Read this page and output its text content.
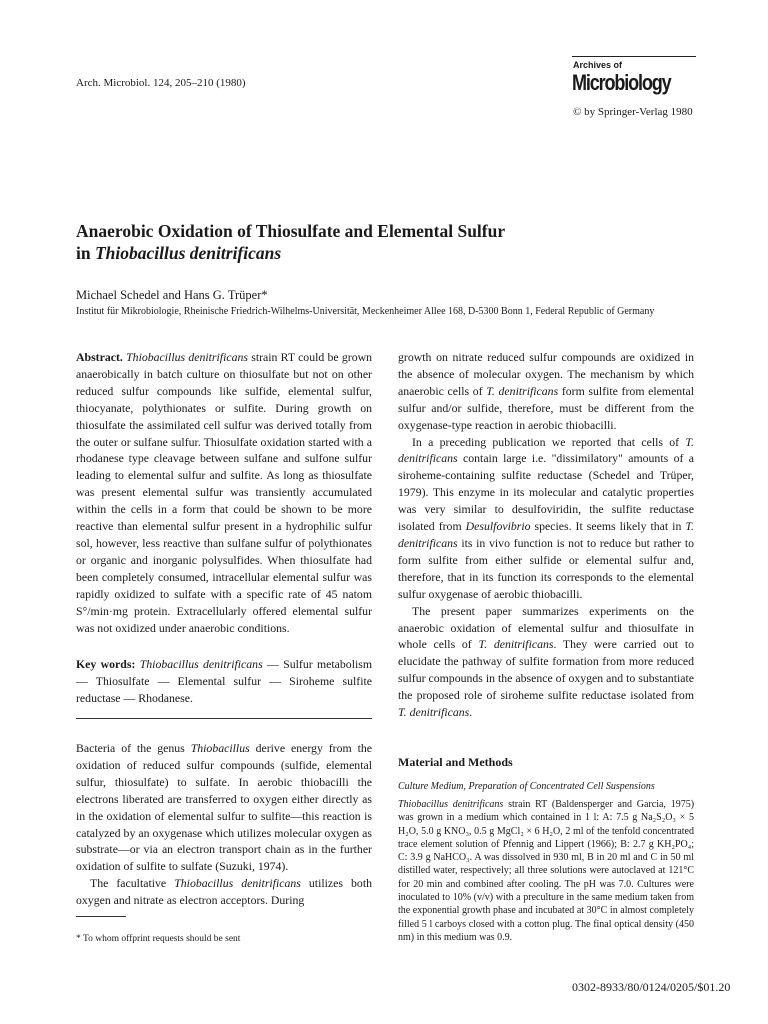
Arch. Microbiol. 124, 205–210 (1980)
Archives of
Microbiology
© by Springer-Verlag 1980
Anaerobic Oxidation of Thiosulfate and Elemental Sulfur
in Thiobacillus denitrificans
Michael Schedel and Hans G. Trüper*
Institut für Mikrobiologie, Rheinische Friedrich-Wilhelms-Universität, Meckenheimer Allee 168, D-5300 Bonn 1, Federal Republic of Germany

Abstract. Thiobacillus denitrificans strain RT could be grown anaerobically in batch culture on thiosulfate but not on other reduced sulfur compounds like sulfide, elemental sulfur, thiocyanate, polythionates or sulfite. During growth on thiosulfate the assimilated cell sulfur was derived totally from the outer or sulfane sulfur. Thiosulfate oxidation started with a rhodanese type cleavage between sulfane and sulfone sulfur leading to elemental sulfur and sulfite. As long as thiosulfate was present elemental sulfur was transiently accumulated within the cells in a form that could be shown to be more reactive than elemental sulfur present in a hydrophilic sulfur sol, however, less reactive than sulfane sulfur of polythionates or organic and inorganic polysulfides. When thiosulfate had been completely consumed, intracellular elemental sulfur was rapidly oxidized to sulfate with a specific rate of 45 natom S°/min·mg protein. Extracellularly offered elemental sulfur was not oxidized under anaerobic conditions.

Key words: Thiobacillus denitrificans — Sulfur metabolism — Thiosulfate — Elemental sulfur — Siroheme sulfite reductase — Rhodanese.

Bacteria of the genus Thiobacillus derive energy from the oxidation of reduced sulfur compounds (sulfide, elemental sulfur, thiosulfate) to sulfate. In aerobic thiobacilli the electrons liberated are transferred to oxygen either directly as in the oxidation of elemental sulfur to sulfite—this reaction is catalyzed by an oxygenase which utilizes molecular oxygen as substrate—or via an electron transport chain as in the further oxidation of sulfite to sulfate (Suzuki, 1974).

The facultative Thiobacillus denitrificans utilizes both oxygen and nitrate as electron acceptors. During

* To whom offprint requests should be sent

growth on nitrate reduced sulfur compounds are oxidized in the absence of molecular oxygen. The mechanism by which anaerobic cells of T. denitrificans form sulfite from elemental sulfur and/or sulfide, therefore, must be different from the oxygenase-type reaction in aerobic thiobacilli.

In a preceding publication we reported that cells of T. denitrificans contain large i.e. "dissimilatory" amounts of a siroheme-containing sulfite reductase (Schedel and Trüper, 1979). This enzyme in its molecular and catalytic properties was very similar to desulfoviridin, the sulfite reductase isolated from Desulfovibrio species. It seems likely that in T. denitrificans its in vivo function is not to reduce but rather to form sulfite from either sulfide or elemental sulfur and, therefore, that in its function its corresponds to the elemental sulfur oxygenase of aerobic thiobacilli.

The present paper summarizes experiments on the anaerobic oxidation of elemental sulfur and thiosulfate in whole cells of T. denitrificans. They were carried out to elucidate the pathway of sulfite formation from more reduced sulfur compounds in the absence of oxygen and to substantiate the proposed role of siroheme sulfite reductase isolated from T. denitrificans.

Material and Methods
Culture Medium, Preparation of Concentrated Cell Suspensions
Thiobacillus denitrificans strain RT (Baldensperger and Garcia, 1975) was grown in a medium which contained in 1 l: A: 7.5 g Na₂S₂O₃ × 5 H₂O, 5.0 g KNO₃, 0.5 g MgCl₂ × 6 H₂O, 2 ml of the tenfold concentrated trace element solution of Pfennig and Lippert (1966); B: 2.7 g KH₂PO₄; C: 3.9 g NaHCO₃. A was dissolved in 930 ml, B in 20 ml and C in 50 ml distilled water, respectively; all three solutions were autoclaved at 121°C for 20 min and combined after cooling. The pH was 7.0. Cultures were inoculated to 10% (v/v) with a preculture in the same medium taken from the exponential growth phase and incubated at 30°C in almost completely filled 5 l carboys closed with a cotton plug. The final optical density (450 nm) in this medium was 0.9.
0302-8933/80/0124/0205/$01.20
